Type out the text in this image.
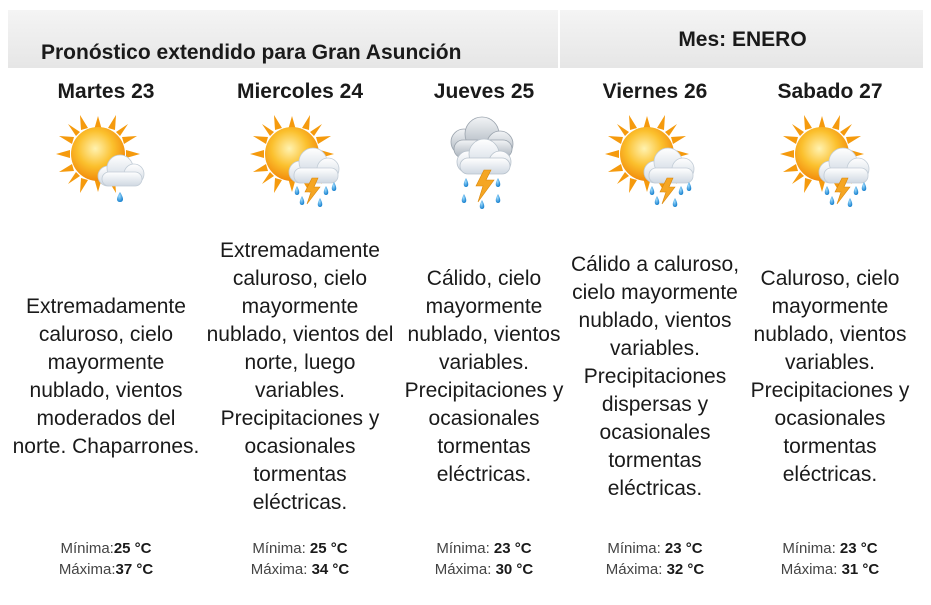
Pronóstico extendido para Gran Asunción
Mes: ENERO
Martes 23
Extremadamente caluroso, cielo mayormente nublado, vientos moderados del norte. Chaparrones.
Mínima:25 °C
Máxima:37 °C
Miercoles 24
Extremadamente caluroso, cielo mayormente nublado, vientos del norte, luego variables. Precipitaciones y ocasionales tormentas eléctricas.
Mínima: 25 °C
Máxima: 34 °C
Jueves 25
Cálido, cielo mayormente nublado, vientos variables. Precipitaciones y ocasionales tormentas eléctricas.
Mínima: 23 °C
Máxima: 30 °C
Viernes 26
Cálido a caluroso, cielo mayormente nublado, vientos variables. Precipitaciones dispersas y ocasionales tormentas eléctricas.
Mínima: 23 °C
Máxima: 32 °C
Sabado 27
Caluroso, cielo mayormente nublado, vientos variables. Precipitaciones y ocasionales tormentas eléctricas.
Mínima: 23 °C
Máxima: 31 °C
